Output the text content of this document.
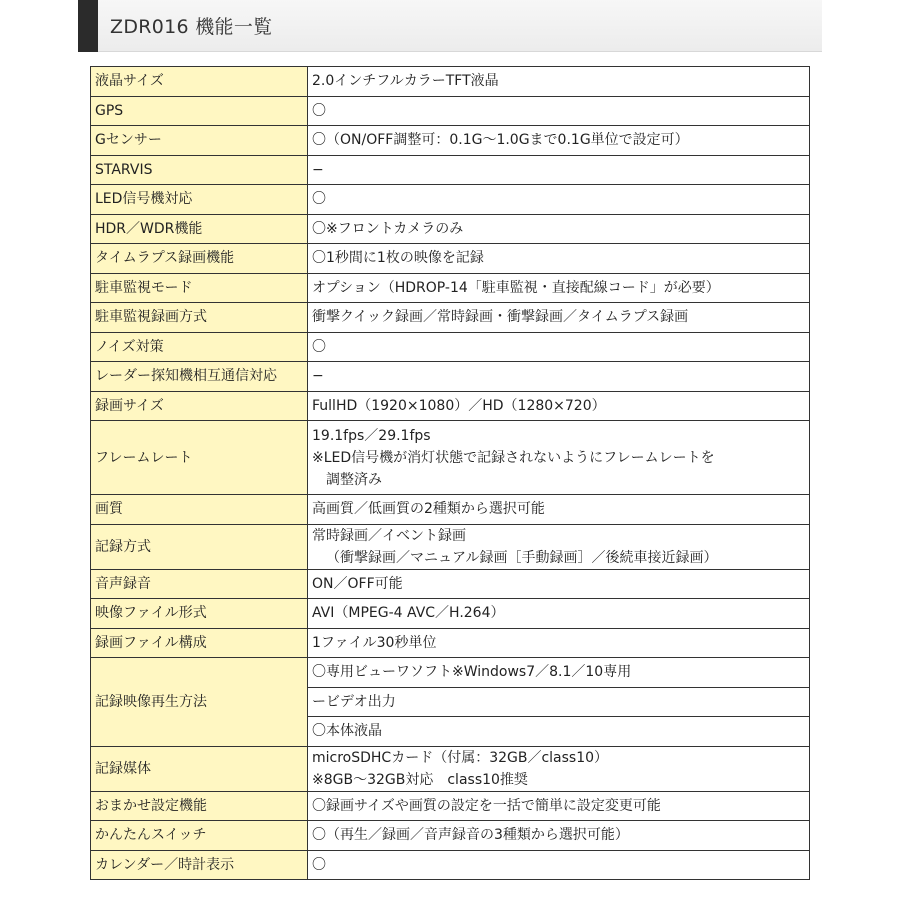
ZDR016 機能一覧
液晶サイズ	2.0インチフルカラーTFT液晶

GPS	〇

Gセンサー	〇（ON/OFF調整可：0.1G〜1.0Gまで0.1G単位で設定可）

STARVIS	−

LED信号機対応	〇

HDR／WDR機能	〇※フロントカメラのみ

タイムラプス録画機能	〇1秒間に1枚の映像を記録

駐車監視モード	オプション（HDROP-14「駐車監視・直接配線コード」が必要）

駐車監視録画方式	衝撃クイック録画／常時録画・衝撃録画／タイムラプス録画

ノイズ対策	〇

レーダー探知機相互通信対応	−

録画サイズ	FullHD（1920×1080）／HD（1280×720）

フレームレート	19.1fps／29.1fps
※LED信号機が消灯状態で記録されないようにフレームレートを
調整済み

画質	高画質／低画質の2種類から選択可能

記録方式	常時録画／イベント録画
（衝撃録画／マニュアル録画［手動録画］／後続車接近録画）

音声録音	ON／OFF可能

映像ファイル形式	AVI（MPEG-4 AVC／H.264）

録画ファイル構成	1ファイル30秒単位

記録映像再生方法	〇専用ビューワソフト※Windows7／8.1／10専用
	ービデオ出力
	〇本体液晶
記録媒体	microSDHCカード（付属：32GB／class10）
※8GB〜32GB対応　class10推奨

おまかせ設定機能	〇録画サイズや画質の設定を一括で簡単に設定変更可能

かんたんスイッチ	〇（再生／録画／音声録音の3種類から選択可能）

カレンダー／時計表示	〇
